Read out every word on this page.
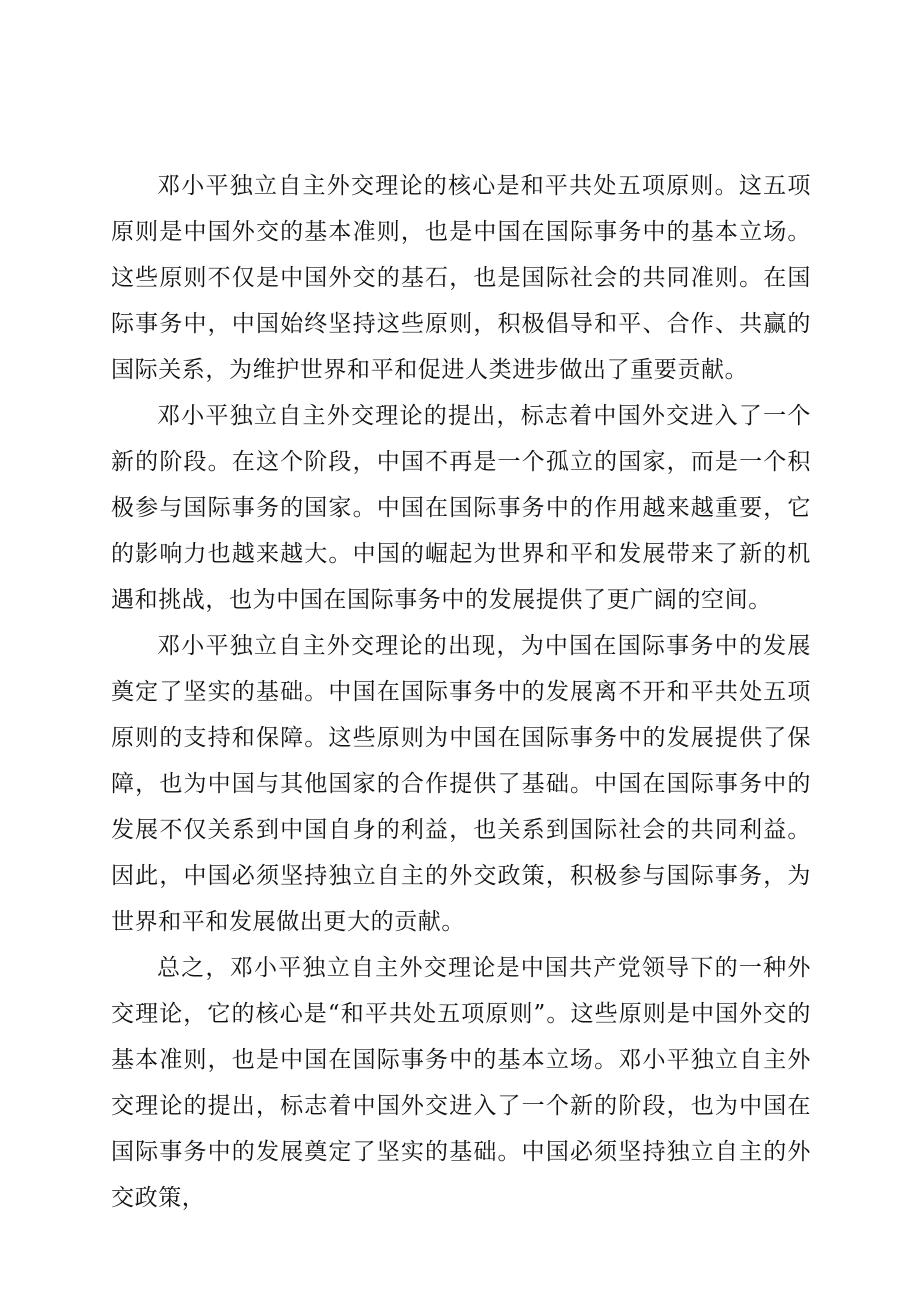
邓小平独立自主外交理论的核心是和平共处五项原则。这五项原则是中国外交的基本准则，也是中国在国际事务中的基本立场。这些原则不仅是中国外交的基石，也是国际社会的共同准则。在国际事务中，中国始终坚持这些原则，积极倡导和平、合作、共赢的国际关系，为维护世界和平和促进人类进步做出了重要贡献。

邓小平独立自主外交理论的提出，标志着中国外交进入了一个新的阶段。在这个阶段，中国不再是一个孤立的国家，而是一个积极参与国际事务的国家。中国在国际事务中的作用越来越重要，它的影响力也越来越大。中国的崛起为世界和平和发展带来了新的机遇和挑战，也为中国在国际事务中的发展提供了更广阔的空间。

邓小平独立自主外交理论的出现，为中国在国际事务中的发展奠定了坚实的基础。中国在国际事务中的发展离不开和平共处五项原则的支持和保障。这些原则为中国在国际事务中的发展提供了保障，也为中国与其他国家的合作提供了基础。中国在国际事务中的发展不仅关系到中国自身的利益，也关系到国际社会的共同利益。因此，中国必须坚持独立自主的外交政策，积极参与国际事务，为世界和平和发展做出更大的贡献。

总之，邓小平独立自主外交理论是中国共产党领导下的一种外交理论，它的核心是“和平共处五项原则”。这些原则是中国外交的基本准则，也是中国在国际事务中的基本立场。邓小平独立自主外交理论的提出，标志着中国外交进入了一个新的阶段，也为中国在国际事务中的发展奠定了坚实的基础。中国必须坚持独立自主的外交政策，
